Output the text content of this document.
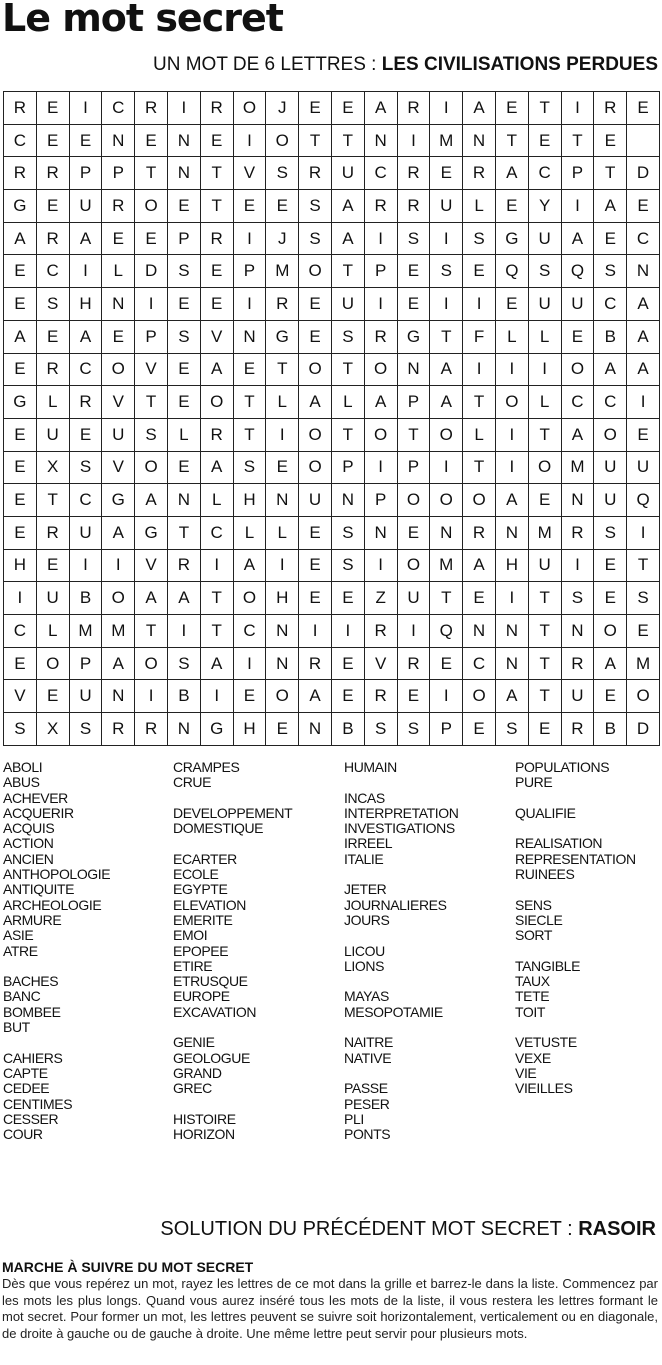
Le mot secret
UN MOT DE 6 LETTRES : LES CIVILISATIONS PERDUES
R	E	I	C	R	I	R	O	J	E	E	A	R	I	A	E	T	I	R	E
C	E	E	N	E	N	E	I	O	T	T	N	I	M	N	T	E	T	E	
R	R	P	P	T	N	T	V	S	R	U	C	R	E	R	A	C	P	T	D
G	E	U	R	O	E	T	E	E	S	A	R	R	U	L	E	Y	I	A	E
A	R	A	E	E	P	R	I	J	S	A	I	S	I	S	G	U	A	E	C
E	C	I	L	D	S	E	P	M	O	T	P	E	S	E	Q	S	Q	S	N
E	S	H	N	I	E	E	I	R	E	U	I	E	I	I	E	U	U	C	A
A	E	A	E	P	S	V	N	G	E	S	R	G	T	F	L	L	E	B	A
E	R	C	O	V	E	A	E	T	O	T	O	N	A	I	I	I	O	A	A
G	L	R	V	T	E	O	T	L	A	L	A	P	A	T	O	L	C	C	I
E	U	E	U	S	L	R	T	I	O	T	O	T	O	L	I	T	A	O	E
E	X	S	V	O	E	A	S	E	O	P	I	P	I	T	I	O	M	U	U
E	T	C	G	A	N	L	H	N	U	N	P	O	O	O	A	E	N	U	Q
E	R	U	A	G	T	C	L	L	E	S	N	E	N	R	N	M	R	S	I
H	E	I	I	V	R	I	A	I	E	S	I	O	M	A	H	U	I	E	T
I	U	B	O	A	A	T	O	H	E	E	Z	U	T	E	I	T	S	E	S
C	L	M	M	T	I	T	C	N	I	I	R	I	Q	N	N	T	N	O	E
E	O	P	A	O	S	A	I	N	R	E	V	R	E	C	N	T	R	A	M
V	E	U	N	I	B	I	E	O	A	E	R	E	I	O	A	T	U	E	O
S	X	S	R	R	N	G	H	E	N	B	S	S	P	E	S	E	R	B	D
ABOLI
ABUS
ACHEVER
ACQUERIR
ACQUIS
ACTION
ANCIEN
ANTHOPOLOGIE
ANTIQUITE
ARCHEOLOGIE
ARMURE
ASIE
ATRE
BACHES
BANC
BOMBEE
BUT
CAHIERS
CAPTE
CEDEE
CENTIMES
CESSER
COUR
CRAMPES
CRUE
DEVELOPPEMENT
DOMESTIQUE
ECARTER
ECOLE
EGYPTE
ELEVATION
EMERITE
EMOI
EPOPEE
ETIRE
ETRUSQUE
EUROPE
EXCAVATION
GENIE
GEOLOGUE
GRAND
GREC
HISTOIRE
HORIZON
HUMAIN
INCAS
INTERPRETATION
INVESTIGATIONS
IRREEL
ITALIE
JETER
JOURNALIERES
JOURS
LICOU
LIONS
MAYAS
MESOPOTAMIE
NAITRE
NATIVE
PASSE
PESER
PLI
PONTS
POPULATIONS
PURE
QUALIFIE
REALISATION
REPRESENTATION
RUINEES
SENS
SIECLE
SORT
TANGIBLE
TAUX
TETE
TOIT
VETUSTE
VEXE
VIE
VIEILLES
SOLUTION DU PRÉCÉDENT MOT SECRET : RASOIR
MARCHE À SUIVRE DU MOT SECRET
Dès que vous repérez un mot, rayez les lettres de ce mot dans la grille et barrez-le dans la liste. Commencez par les mots les plus longs. Quand vous aurez inséré tous les mots de la liste, il vous restera les lettres formant le mot secret. Pour former un mot, les lettres peuvent se suivre soit horizontalement, verticalement ou en diagonale, de droite à gauche ou de gauche à droite. Une même lettre peut servir pour plusieurs mots.
